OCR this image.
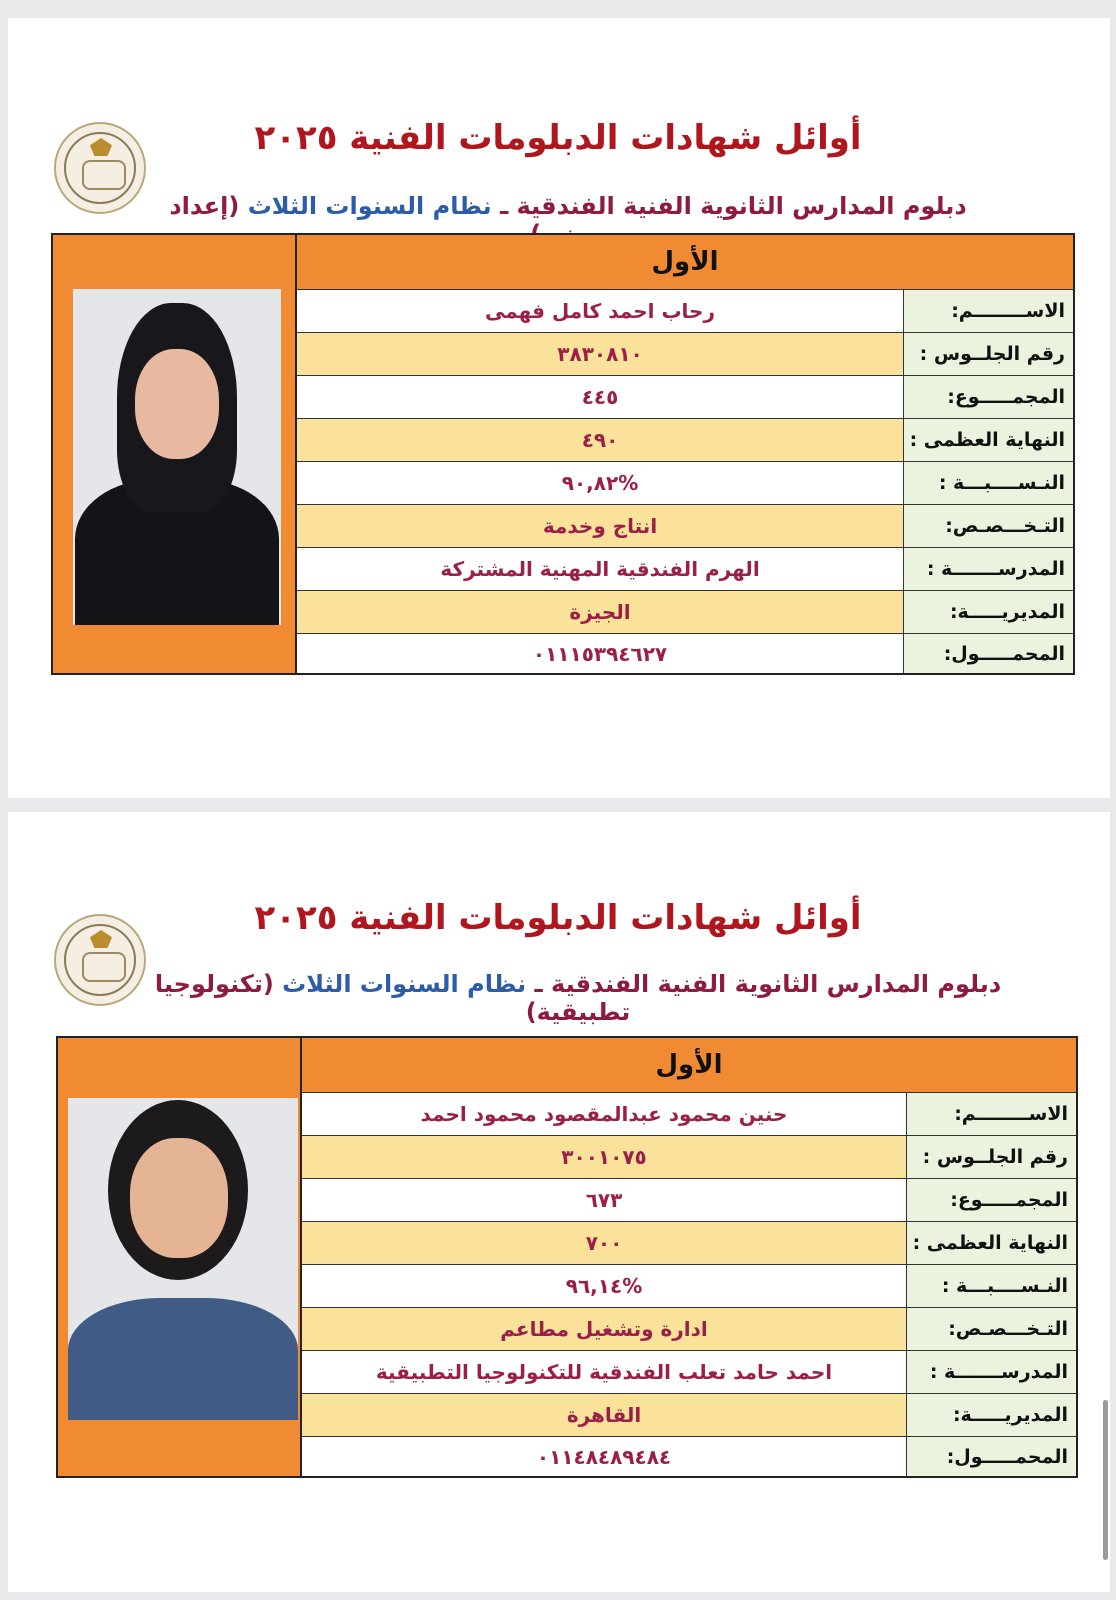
أوائل شهادات الدبلومات الفنية ٢٠٢٥
دبلوم المدارس الثانوية الفنية الفندقية ـ نظام السنوات الثلاث (إعداد
الأول
الاســــــــم:
رحاب احمد كامل فهمى
رقم الجلــوس :
٣٨٣٠٨١٠
المجمـــــوع:
٤٤٥
النهاية العظمى :
٤٩٠
النـســــبـــة :
%٩٠,٨٢
التـخـــصـص:
انتاج وخدمة
المدرســـــــة :
الهرم الفندقية المهنية المشتركة
المديريـــــة:
الجيزة
المحمـــــول:
٠١١١٥٣٩٤٦٢٧
أوائل شهادات الدبلومات الفنية ٢٠٢٥
دبلوم المدارس الثانوية الفنية الفندقية ـ نظام السنوات الثلاث (تكنولوجيا تطبيقية)
الأول
الاســــــــم:
حنين محمود عبدالمقصود محمود احمد
رقم الجلــوس :
٣٠٠١٠٧٥
المجمـــــوع:
٦٧٣
النهاية العظمى :
٧٠٠
النـســــبـــة :
%٩٦,١٤
التـخـــصـص:
ادارة وتشغيل مطاعم
المدرســـــــة :
احمد حامد تعلب الفندقية للتكنولوجيا التطبيقية
المديريـــــة:
القاهرة
المحمـــــول:
٠١١٤٨٤٨٩٤٨٤
